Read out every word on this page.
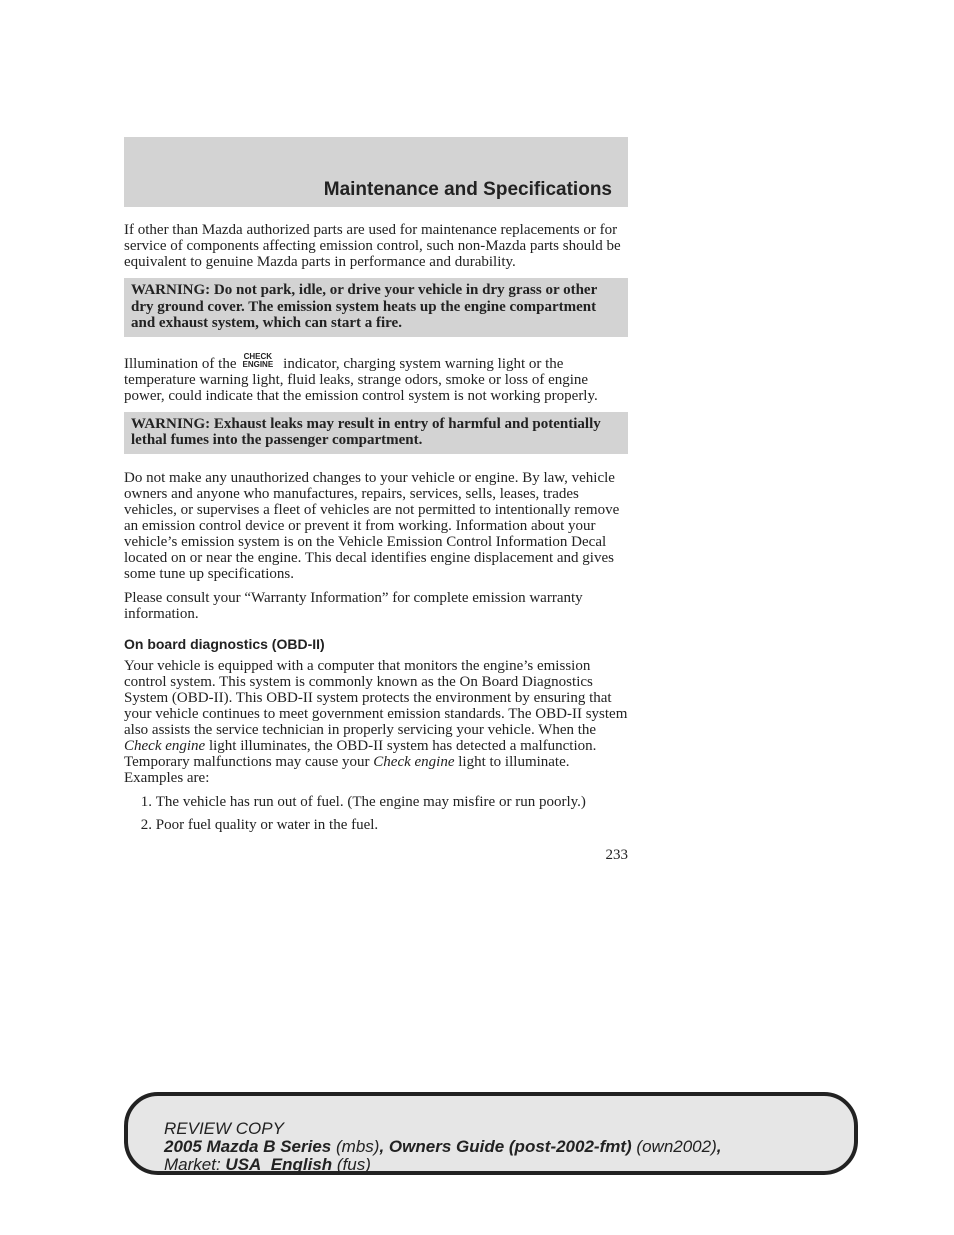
Maintenance and Specifications

If other than Mazda authorized parts are used for maintenance replacements or for service of components affecting emission control, such non-Mazda parts should be equivalent to genuine Mazda parts in performance and durability.

WARNING: Do not park, idle, or drive your vehicle in dry grass or other dry ground cover. The emission system heats up the engine compartment and exhaust system, which can start a fire.

Illumination of the CHECK
ENGINE indicator, charging system warning light or the temperature warning light, fluid leaks, strange odors, smoke or loss of engine power, could indicate that the emission control system is not working properly.

WARNING: Exhaust leaks may result in entry of harmful and potentially lethal fumes into the passenger compartment.

Do not make any unauthorized changes to your vehicle or engine. By law, vehicle owners and anyone who manufactures, repairs, services, sells, leases, trades vehicles, or supervises a fleet of vehicles are not permitted to intentionally remove an emission control device or prevent it from working. Information about your vehicle’s emission system is on the Vehicle Emission Control Information Decal located on or near the engine. This decal identifies engine displacement and gives some tune up specifications.

Please consult your “Warranty Information” for complete emission warranty information.

On board diagnostics (OBD-II)

Your vehicle is equipped with a computer that monitors the engine’s emission control system. This system is commonly known as the On Board Diagnostics System (OBD-II). This OBD-II system protects the environment by ensuring that your vehicle continues to meet government emission standards. The OBD-II system also assists the service technician in properly servicing your vehicle. When the Check engine light illuminates, the OBD-II system has detected a malfunction. Temporary malfunctions may cause your Check engine light to illuminate. Examples are:

1. The vehicle has run out of fuel. (The engine may misfire or run poorly.)
2. Poor fuel quality or water in the fuel.
233
REVIEW COPY
2005 Mazda B Series (mbs), Owners Guide (post-2002-fmt) (own2002),
Market: USA_English (fus)
